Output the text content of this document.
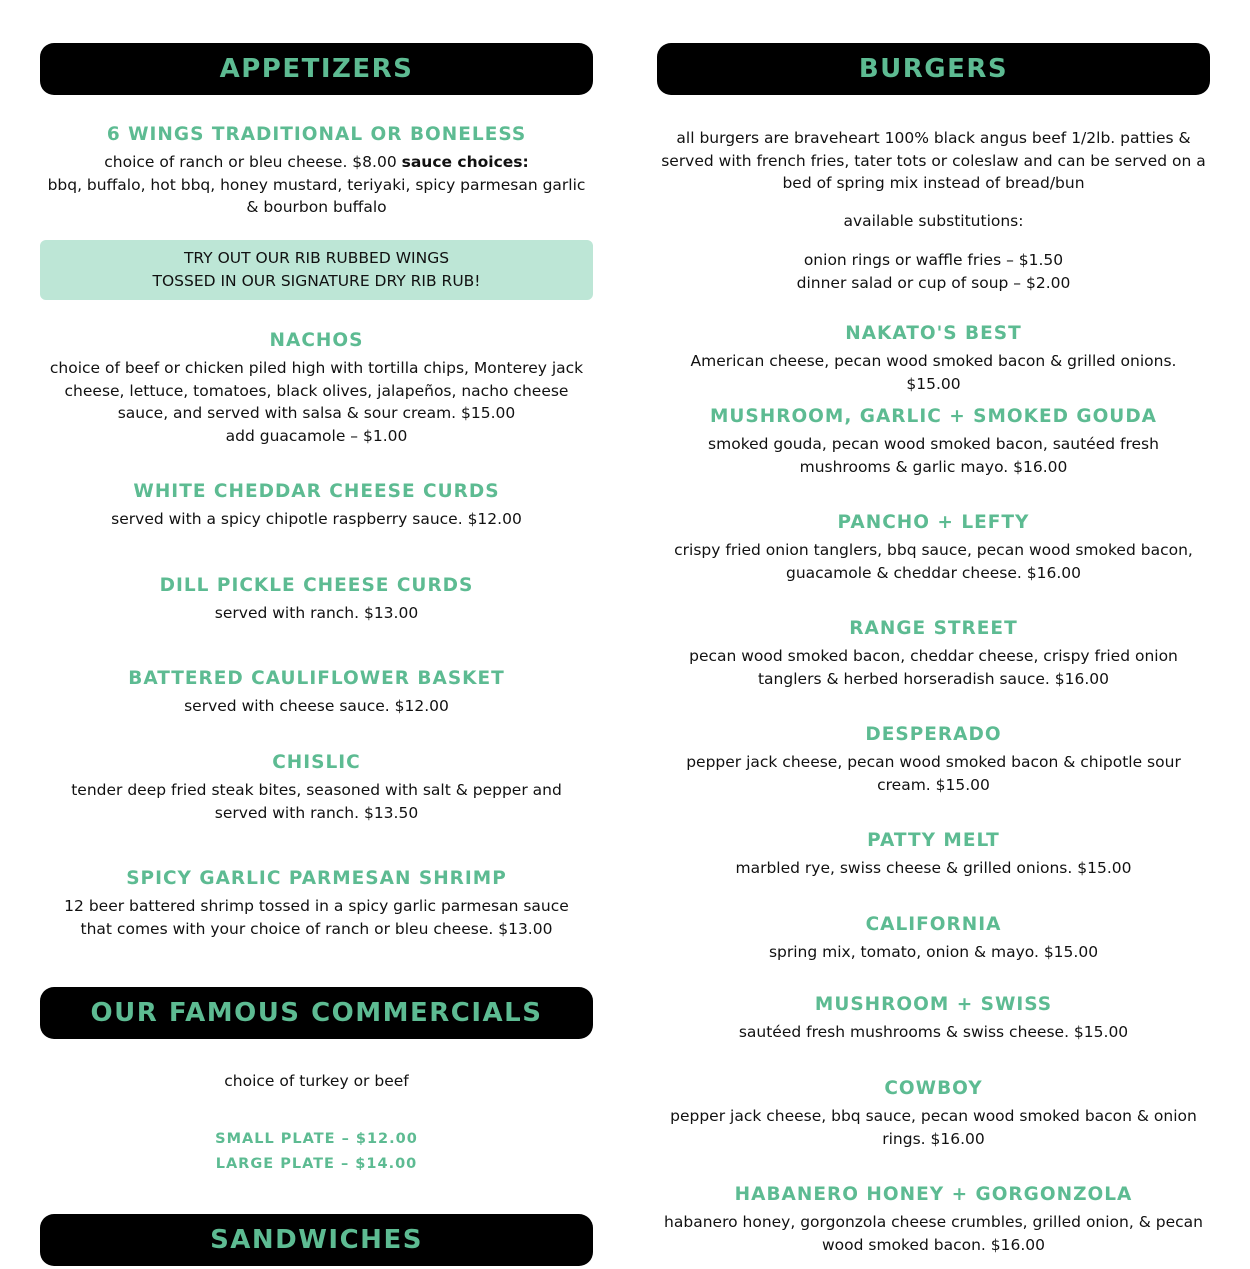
APPETIZERS
6 WINGS TRADITIONAL OR BONELESS
choice of ranch or bleu cheese. $8.00 sauce choices:
bbq, buffalo, hot bbq, honey mustard, teriyaki, spicy parmesan garlic & bourbon buffalo
TRY OUT OUR RIB RUBBED WINGS
TOSSED IN OUR SIGNATURE DRY RIB RUB!
NACHOS
choice of beef or chicken piled high with tortilla chips, Monterey jack cheese, lettuce, tomatoes, black olives, jalapeños, nacho cheese sauce, and served with salsa & sour cream. $15.00
add guacamole – $1.00
WHITE CHEDDAR CHEESE CURDS
served with a spicy chipotle raspberry sauce. $12.00
DILL PICKLE CHEESE CURDS
served with ranch. $13.00
BATTERED CAULIFLOWER BASKET
served with cheese sauce. $12.00
CHISLIC
tender deep fried steak bites, seasoned with salt & pepper and served with ranch. $13.50
SPICY GARLIC PARMESAN SHRIMP
12 beer battered shrimp tossed in a spicy garlic parmesan sauce that comes with your choice of ranch or bleu cheese. $13.00
OUR FAMOUS COMMERCIALS
choice of turkey or beef
SMALL PLATE – $12.00
LARGE PLATE – $14.00
SANDWICHES
BURGERS
all burgers are braveheart 100% black angus beef 1/2lb. patties & served with french fries, tater tots or coleslaw and can be served on a bed of spring mix instead of bread/bun
available substitutions:
onion rings or waffle fries – $1.50
dinner salad or cup of soup – $2.00
NAKATO'S BEST
American cheese, pecan wood smoked bacon & grilled onions. $15.00
MUSHROOM, GARLIC + SMOKED GOUDA
smoked gouda, pecan wood smoked bacon, sautéed fresh mushrooms & garlic mayo. $16.00
PANCHO + LEFTY
crispy fried onion tanglers, bbq sauce, pecan wood smoked bacon, guacamole & cheddar cheese. $16.00
RANGE STREET
pecan wood smoked bacon, cheddar cheese, crispy fried onion tanglers & herbed horseradish sauce. $16.00
DESPERADO
pepper jack cheese, pecan wood smoked bacon & chipotle sour cream. $15.00
PATTY MELT
marbled rye, swiss cheese & grilled onions. $15.00
CALIFORNIA
spring mix, tomato, onion & mayo. $15.00
MUSHROOM + SWISS
sautéed fresh mushrooms & swiss cheese. $15.00
COWBOY
pepper jack cheese, bbq sauce, pecan wood smoked bacon & onion rings. $16.00
HABANERO HONEY + GORGONZOLA
habanero honey, gorgonzola cheese crumbles, grilled onion, & pecan wood smoked bacon. $16.00
